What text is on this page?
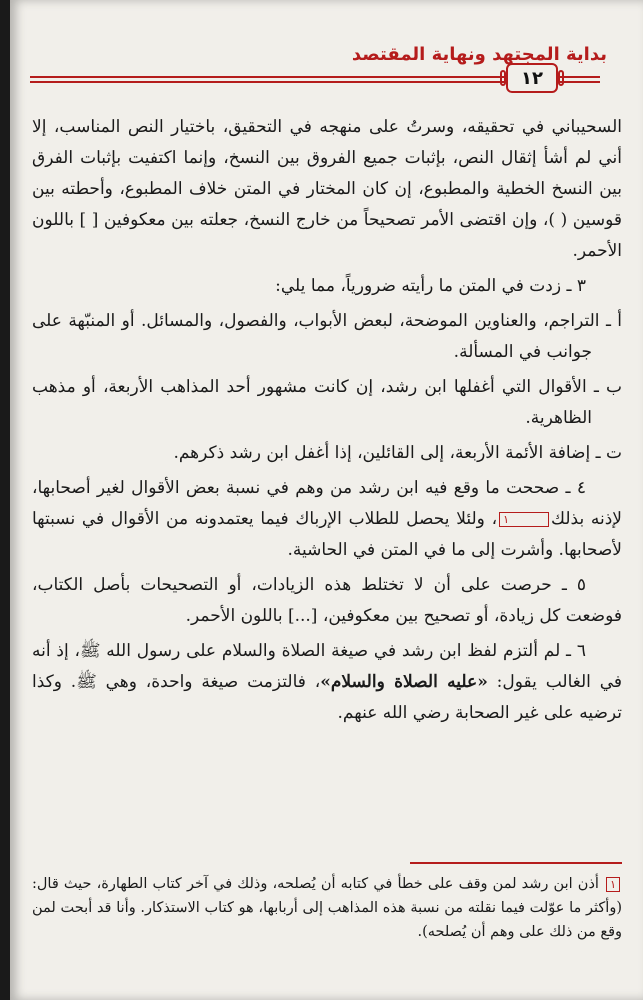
بداية المجتهد ونهاية المقتصد
١٢

السحيباني في تحقيقه، وسرتُ على منهجه في التحقيق، باختيار النص المناسب، إلا أني لم أشأ إثقال النص، بإثبات جميع الفروق بين النسخ، وإنما اكتفيت بإثبات الفرق بين النسخ الخطية والمطبوع، إن كان المختار في المتن خلاف المطبوع، وأحطته بين قوسين ( )، وإن اقتضى الأمر تصحيحاً من خارج النسخ، جعلته بين معكوفين [ ] باللون الأحمر.

٣ ـ زدت في المتن ما رأيته ضرورياً، مما يلي:

أ ـ التراجم، والعناوين الموضحة، لبعض الأبواب، والفصول، والمسائل. أو المنبّهة على جوانب في المسألة.

ب ـ الأقوال التي أغفلها ابن رشد، إن كانت مشهور أحد المذاهب الأربعة، أو مذهب الظاهرية.

ت ـ إضافة الأئمة الأربعة، إلى القائلين، إذا أغفل ابن رشد ذكرهم.

٤ ـ صححت ما وقع فيه ابن رشد من وهم في نسبة بعض الأقوال لغير أصحابها، لإذنه بذلك١، ولئلا يحصل للطلاب الإرباك فيما يعتمدونه من الأقوال في نسبتها لأصحابها. وأشرت إلى ما في المتن في الحاشية.

٥ ـ حرصت على أن لا تختلط هذه الزيادات، أو التصحيحات بأصل الكتاب، فوضعت كل زيادة، أو تصحيح بين معكوفين، [...] باللون الأحمر.

٦ ـ لم ألتزم لفظ ابن رشد في صيغة الصلاة والسلام على رسول الله ﷺ، إذ أنه في الغالب يقول: «عليه الصلاة والسلام»، فالتزمت صيغة واحدة، وهي ﷺ. وكذا ترضيه على غير الصحابة رضي الله عنهم.

١ أذن ابن رشد لمن وقف على خطأ في كتابه أن يُصلحه، وذلك في آخر كتاب الطهارة، حيث قال: (وأكثر ما عوّلت فيما نقلته من نسبة هذه المذاهب إلى أربابها، هو كتاب الاستذكار. وأنا قد أبحت لمن وقع من ذلك على وهم أن يُصلحه).
